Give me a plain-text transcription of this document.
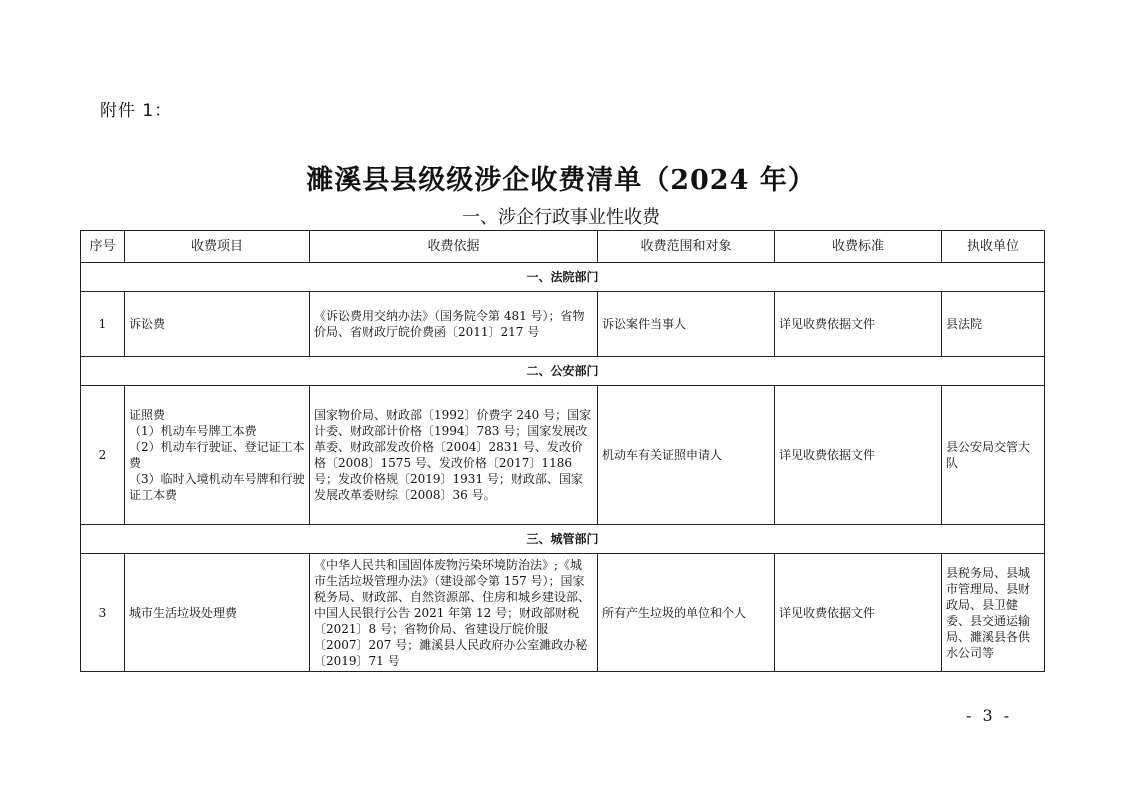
附件 1：
濉溪县县级级涉企收费清单（2024 年）
一、涉企行政事业性收费
序号	收费项目	收费依据	收费范围和对象	收费标准	执收单位
一、法院部门					
1	诉讼费	《诉讼费用交纳办法》（国务院令第 481 号）；省物价局、省财政厅皖价费函〔2011〕217 号	诉讼案件当事人	详见收费依据文件	县法院
二、公安部门					
2	证照费
（1）机动车号牌工本费
（2）机动车行驶证、登记证工本费
（3）临时入境机动车号牌和行驶证工本费	国家物价局、财政部〔1992〕价费字 240 号；国家计委、财政部计价格〔1994〕783 号；国家发展改革委、财政部发改价格〔2004〕2831 号、发改价格〔2008〕1575 号、发改价格〔2017〕1186 号；发改价格规〔2019〕1931 号；财政部、国家发展改革委财综〔2008〕36 号。	机动车有关证照申请人	详见收费依据文件	县公安局交管大队
三、城管部门					
3	城市生活垃圾处理费	《中华人民共和国固体废物污染环境防治法》;《城市生活垃圾管理办法》（建设部令第 157 号）；国家税务局、财政部、自然资源部、住房和城乡建设部、中国人民银行公告 2021 年第 12 号；财政部财税〔2021〕8 号；省物价局、省建设厅皖价服〔2007〕207 号；濉溪县人民政府办公室濉政办秘〔2019〕71 号	所有产生垃圾的单位和个人	详见收费依据文件	县税务局、县城市管理局、县财政局、县卫健委、县交通运输局、濉溪县各供水公司等
- 3 -
